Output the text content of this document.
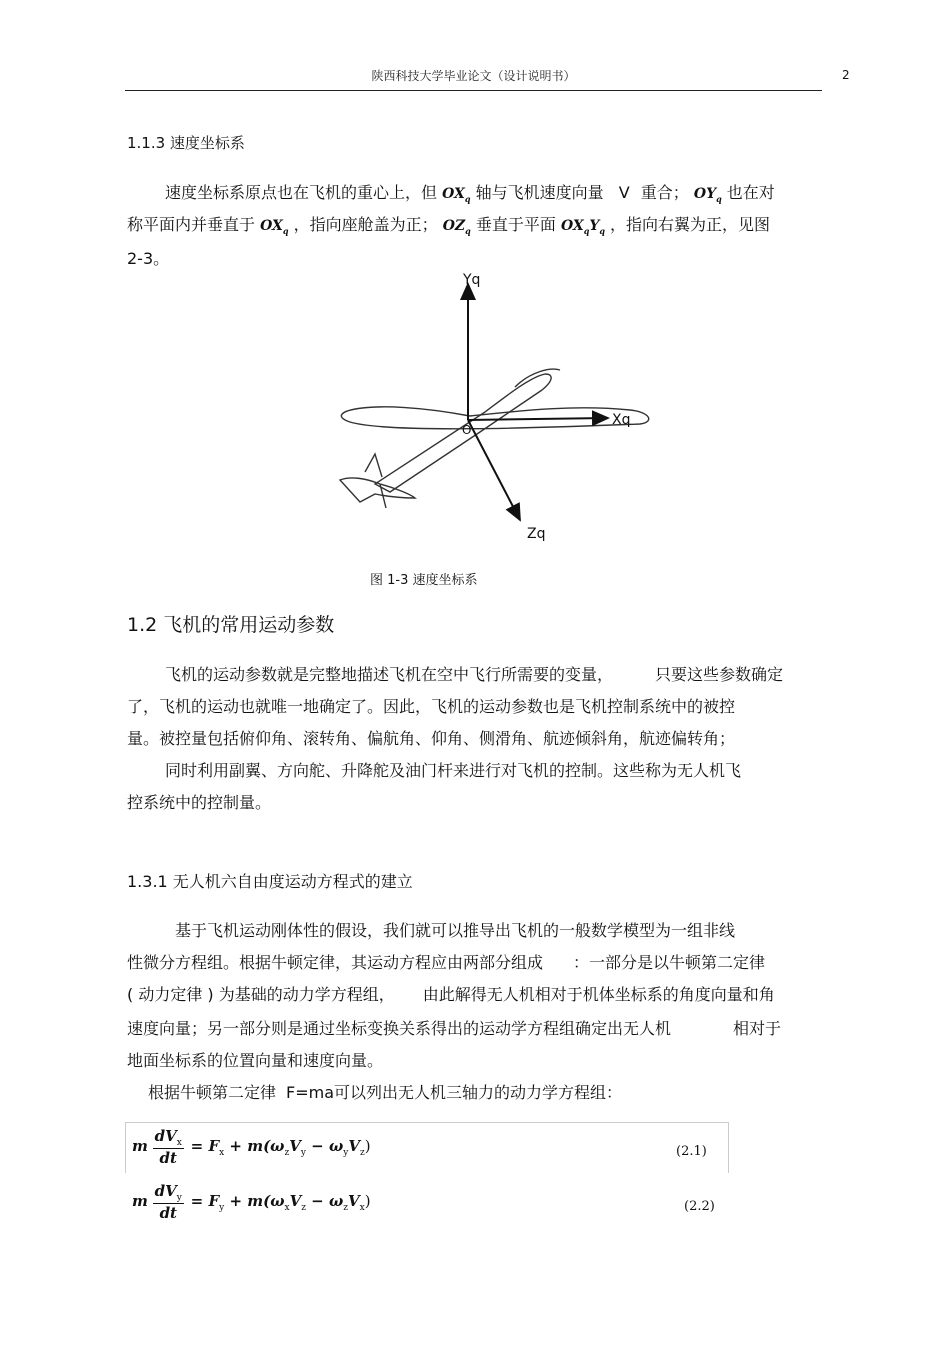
陕西科技大学毕业论文（设计说明书）	2
1.1.3 速度坐标系
速度坐标系原点也在飞机的重心上，但 $OX_q$ 轴与飞机速度向量 V 重合； $OY_q$ 也在对
称平面内并垂直于 $OX_q$ ，指向座舱盖为正； $OZ_q$ 垂直于平面 $OX_qY_q$ ，指向右翼为正，见图
2-3。
Yq
Xq
Zq
O
图 1-3 速度坐标系
1.2 飞机的常用运动参数
飞机的运动参数就是完整地描述飞机在空中飞行所需要的变量，	只要这些参数确定
了，飞机的运动也就唯一地确定了。因此，飞机的运动参数也是飞机控制系统中的被控
量。被控量包括俯仰角、滚转角、偏航角、仰角、侧滑角、航迹倾斜角，航迹偏转角；
同时利用副翼、方向舵、升降舵及油门杆来进行对飞机的控制。这些称为无人机飞
控系统中的控制量。
1.3.1 无人机六自由度运动方程式的建立
基于飞机运动刚体性的假设，我们就可以推导出飞机的一般数学模型为一组非线
性微分方程组。根据牛顿定律，其运动方程应由两部分组成 ：一部分是以牛顿第二定律
( 动力定律 ) 为基础的动力学方程组， 由此解得无人机相对于机体坐标系的角度向量和角
速度向量；另一部分则是通过坐标变换关系得出的运动学方程组确定出无人机	相对于
地面坐标系的位置向量和速度向量。
根据牛顿第二定律 F=ma可以列出无人机三轴力的动力学方程组：
m $\frac{dV_x}{dt} = F_x + m(\omega_zV_y - \omega_yV_z)$	(2.1)
m $\frac{dV_y}{dt} = F_y + m(\omega_xV_z - \omega_zV_x)$	(2.2)
